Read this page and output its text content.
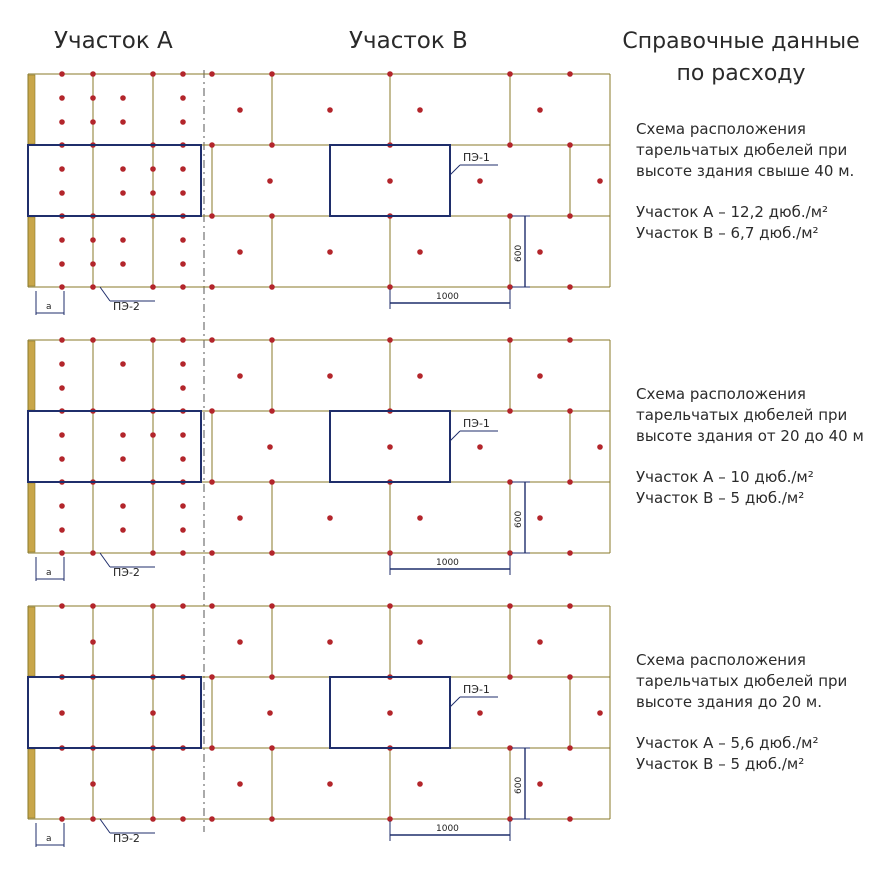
Участок А	Участок В	Справочные данные по расходу

Схема расположения тарельчатых дюбелей при высоте здания свыше 40 м.

Участок А – 12,2 дюб./м²

Участок В – 6,7 дюб./м²

Схема расположения тарельчатых дюбелей при высоте здания от 20 до 40 м

Участок А – 10 дюб./м²

Участок В – 5 дюб./м²

Схема расположения тарельчатых дюбелей при высоте здания до 20 м.

Участок А – 5,6 дюб./м²

Участок В – 5 дюб./м²

ПЭ-1
ПЭ-2
a
1000
600
ПЭ-1
ПЭ-2
a
1000
600
ПЭ-1
ПЭ-2
a
1000
600
